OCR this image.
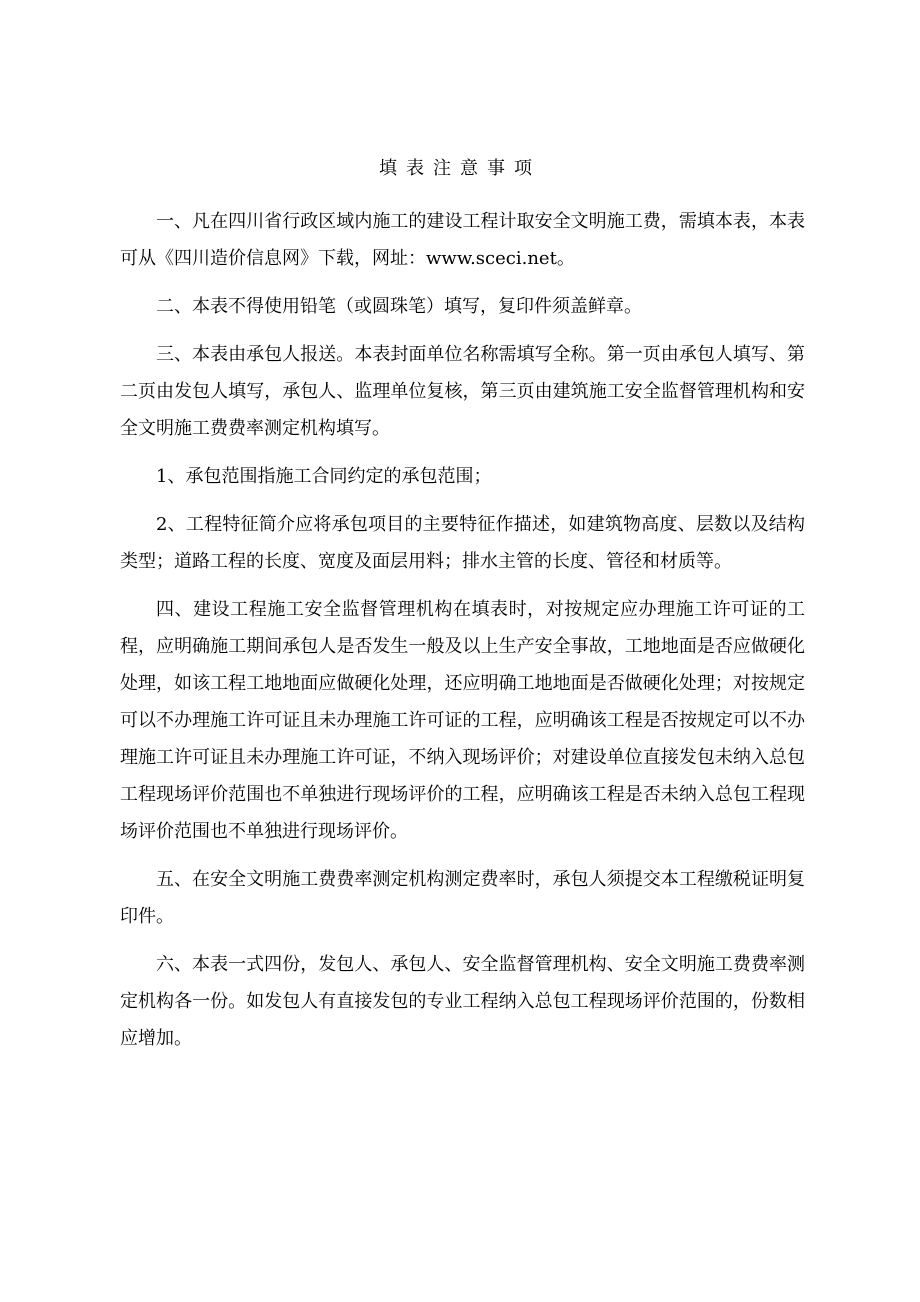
填表注意事项

一、凡在四川省行政区域内施工的建设工程计取安全文明施工费，需填本表，本表可从《四川造价信息网》下载，网址：www.sceci.net。

二、本表不得使用铅笔（或圆珠笔）填写，复印件须盖鲜章。

三、本表由承包人报送。本表封面单位名称需填写全称。第一页由承包人填写、第二页由发包人填写，承包人、监理单位复核，第三页由建筑施工安全监督管理机构和安全文明施工费费率测定机构填写。

1、承包范围指施工合同约定的承包范围；

2、工程特征简介应将承包项目的主要特征作描述，如建筑物高度、层数以及结构类型；道路工程的长度、宽度及面层用料；排水主管的长度、管径和材质等。

四、建设工程施工安全监督管理机构在填表时，对按规定应办理施工许可证的工程，应明确施工期间承包人是否发生一般及以上生产安全事故，工地地面是否应做硬化处理，如该工程工地地面应做硬化处理，还应明确工地地面是否做硬化处理；对按规定可以不办理施工许可证且未办理施工许可证的工程，应明确该工程是否按规定可以不办理施工许可证且未办理施工许可证，不纳入现场评价；对建设单位直接发包未纳入总包工程现场评价范围也不单独进行现场评价的工程，应明确该工程是否未纳入总包工程现场评价范围也不单独进行现场评价。

五、在安全文明施工费费率测定机构测定费率时，承包人须提交本工程缴税证明复印件。

六、本表一式四份，发包人、承包人、安全监督管理机构、安全文明施工费费率测定机构各一份。如发包人有直接发包的专业工程纳入总包工程现场评价范围的，份数相应增加。
